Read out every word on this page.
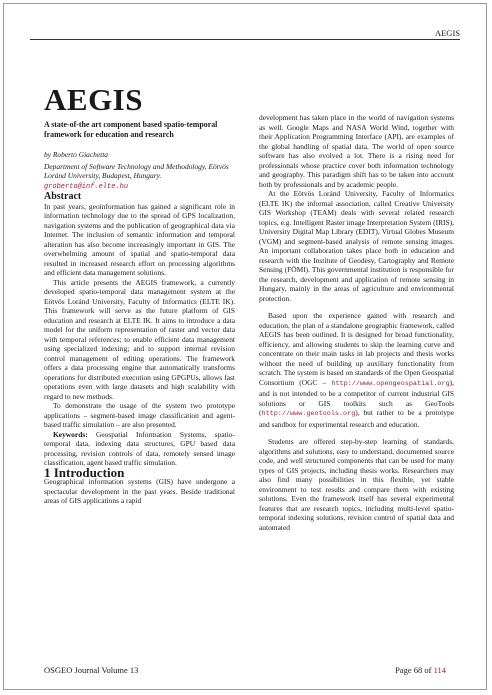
AEGIS
AEGIS

A state-of-the art component based spatio-temporal framework for education and research

by Roberto Giachetta

Department of Software Technology and Methodology, Eötvös Loránd University, Budapest, Hungary.
groberto@inf.elte.hu

Abstract

In past years, geoinformation has gained a significant role in information technology due to the spread of GPS localization, navigation systems and the publication of geographical data via Internet. The inclusion of semantic information and temporal alteration has also become increasingly important in GIS. The overwhelming amount of spatial and spatio-temporal data resulted in increased research effort on processing algorithms and efficient data management solutions.

This article presents the AEGIS framework, a currently developed spatio-temporal data management system at the Eötvös Loránd University, Faculty of Informatics (ELTE IK). This framework will serve as the future platform of GIS education and research at ELTE IK. It aims to introduce a data model for the uniform representation of raster and vector data with temporal references; to enable efficient data management using specialized indexing; and to support internal revision control management of editing operations. The framework offers a data processing engine that automatically transforms operations for distributed execution using GPGPUs, allows fast operations even with large datasets and high scalability with regard to new methods.

To demonstrate the usage of the system two prototype applications – segment-based image classification and agent-based traffic simulation – are also presented.

Keywords: Geospatial Information Systems, spatio-temporal data, indexing data structures, GPU based data processing, revision controls of data, remotely sensed image classification, agent based traffic simulation.

1 Introduction

Geographical information systems (GIS) have undergone a spectacular development in the past years. Beside traditional areas of GIS applications a rapid

development has taken place in the world of navigation systems as well. Google Maps and NASA World Wind, together with their Application Programming Interface (API), are examples of the global handling of spatial data. The world of open source software has also evolved a lot. There is a rising need for professionals whose practice cover both information technology and geography. This paradigm shift has to be taken into account both by professionals and by academic people.

At the Eötvös Loránd University, Faculty of Informatics (ELTE IK) the informal association, called Creative University GIS Workshop (TEAM) deals with several related research topics, e.g. Intelligent Raster image Interpretation System (IRIS), University Digital Map Library (EDIT), Virtual Globes Museum (VGM) and segment-based analysis of remote sensing images. An important collaboration takes place both in education and research with the Institute of Geodesy, Cartography and Remote Sensing (FÖMI). This governmental institution is responsible for the research, development and application of remote sensing in Hungary, mainly in the areas of agriculture and environmental protection.

Based upon the experience gained with research and education, the plan of a standalone geographic framework, called AEGIS has been outlined. It is designed for broad functionality, efficiency, and allowing students to skip the learning curve and concentrate on their main tasks in lab projects and thesis works without the need of building up auxiliary functionality from scratch. The system is based on standards of the Open Geospatial Consortium (OGC – http://www.opengeospatial.org), and is not intended to be a competitor of current industrial GIS solutions or GIS toolkits such as GeoTools (http://www.geotools.org), but rather to be a prototype and sandbox for experimental research and education.

Students are offered step-by-step learning of standards, algorithms and solutions, easy to understand, documented source code, and well structured components that can be used for many types of GIS projects, including thesis works. Researchers may also find many possibilities in this flexible, yet stable environment to test results and compare them with existing solutions. Even the framework itself has several experimental features that are research topics, including multi-level spatio-temporal indexing solutions, revision control of spatial data and automated

OSGEO Journal Volume 13	Page 68 of 114
